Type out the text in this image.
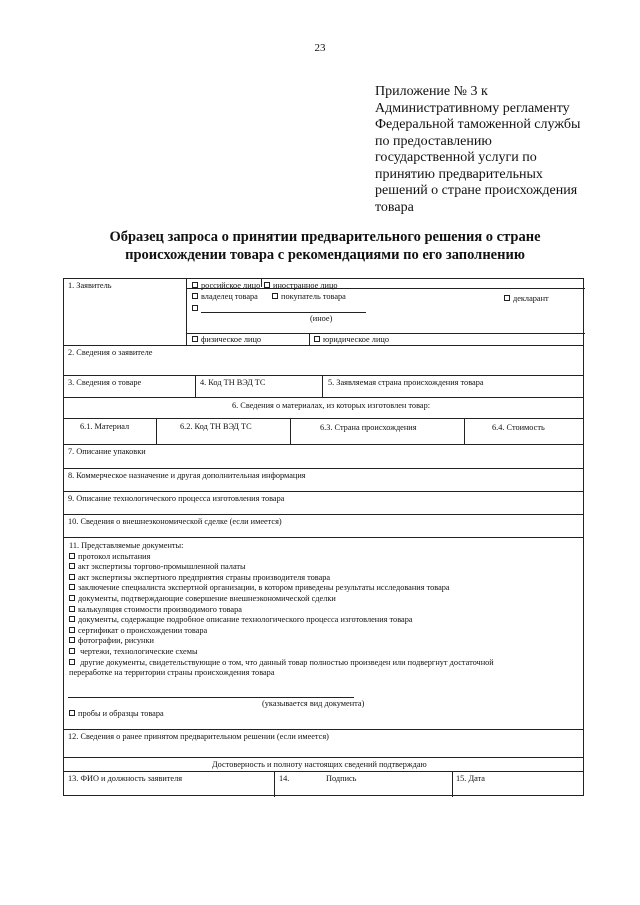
23
Приложение № 3 к
Административному регламенту
Федеральной таможенной службы
по предоставлению
государственной услуги по
принятию предварительных
решений о стране происхождения
товара
Образец запроса о принятии предварительного решения о стране
происхождении товара с рекомендациями по его заполнению
1. Заявитель	российское лицо	иностранное лицо
владелец товара	покупатель товара	декларант
(иное)
физическое лицо	юридическое лицо
2. Сведения о заявителе
3. Сведения о товаре	4. Код ТН ВЭД ТС	5. Заявляемая страна происхождения товара
6. Сведения о материалах, из которых изготовлен товар:
6.1. Материал	6.2. Код ТН ВЭД ТС	6.3. Страна происхождения	6.4. Стоимость
7. Описание упаковки
8. Коммерческое назначение и другая дополнительная информация
9. Описание технологического процесса изготовления товара
10. Сведения о внешнеэкономической сделке (если имеется)
11. Представляемые документы:
протокол испытания
акт экспертизы торгово-промышленной палаты
акт экспертизы экспертного предприятия страны производителя товара
заключение специалиста экспертной организации, в котором приведены результаты исследования товара
документы, подтверждающие совершение внешнеэкономической сделки
калькуляция стоимости производимого товара
документы, содержащие подробное описание технологического процесса изготовления товара
сертификат о происхождении товара
фотографии, рисунки
чертежи, технологические схемы
другие документы, свидетельствующие о том, что данный товар полностью произведен или подвергнут достаточной
переработке на территории страны происхождения товара
(указывается вид документа)
пробы и образцы товара
12. Сведения о ранее принятом предварительном решении (если имеется)
Достоверность и полноту настоящих сведений подтверждаю
13. ФИО и должность заявителя	14.	Подпись	15. Дата
